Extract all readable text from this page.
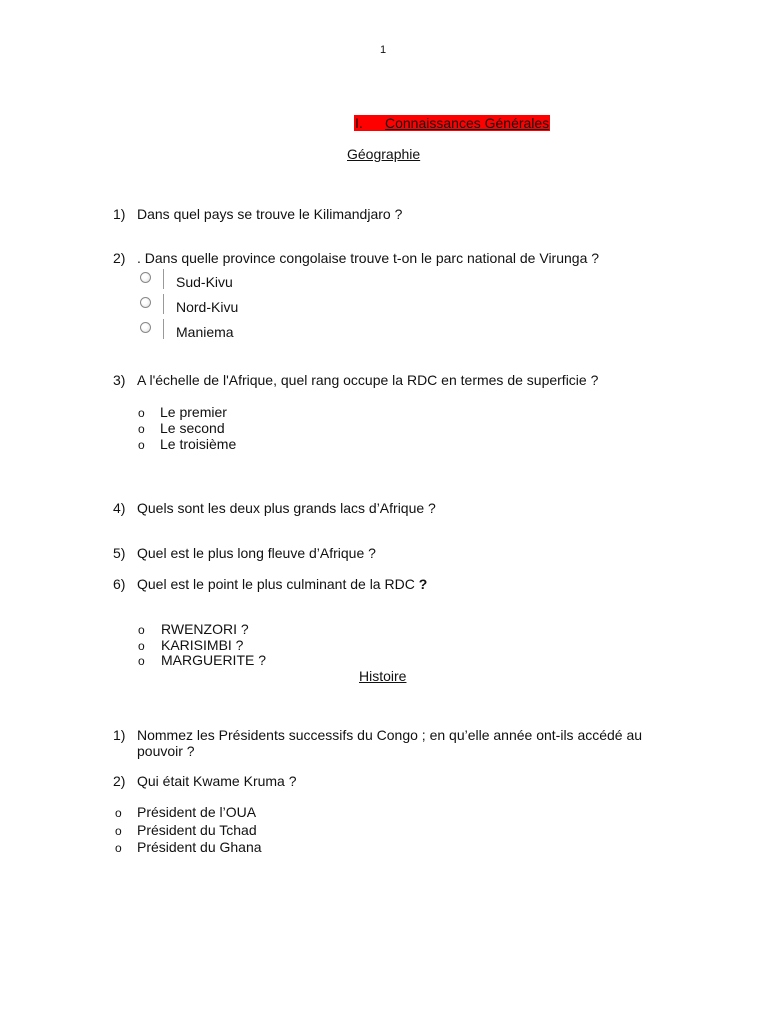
1
I. Connaissances Générales
Géographie
1) Dans quel pays se trouve le Kilimandjaro ?
2) . Dans quelle province congolaise trouve t-on le parc national de Virunga ?
Sud-Kivu
Nord-Kivu
Maniema
3) A l'échelle de l'Afrique, quel rang occupe la RDC en termes de superficie ?
o Le premier
o Le second
o Le troisième
4) Quels sont les deux plus grands lacs d’Afrique ?
5) Quel est le plus long fleuve d’Afrique ?
6) Quel est le point le plus culminant de la RDC ?
o RWENZORI ?
o KARISIMBI ?
o MARGUERITE ?
Histoire
1) Nommez les Présidents successifs du Congo ; en qu’elle année ont-ils accédé au
pouvoir ?
2) Qui était Kwame Kruma ?
o Président de l’OUA
o Président du Tchad
o Président du Ghana
